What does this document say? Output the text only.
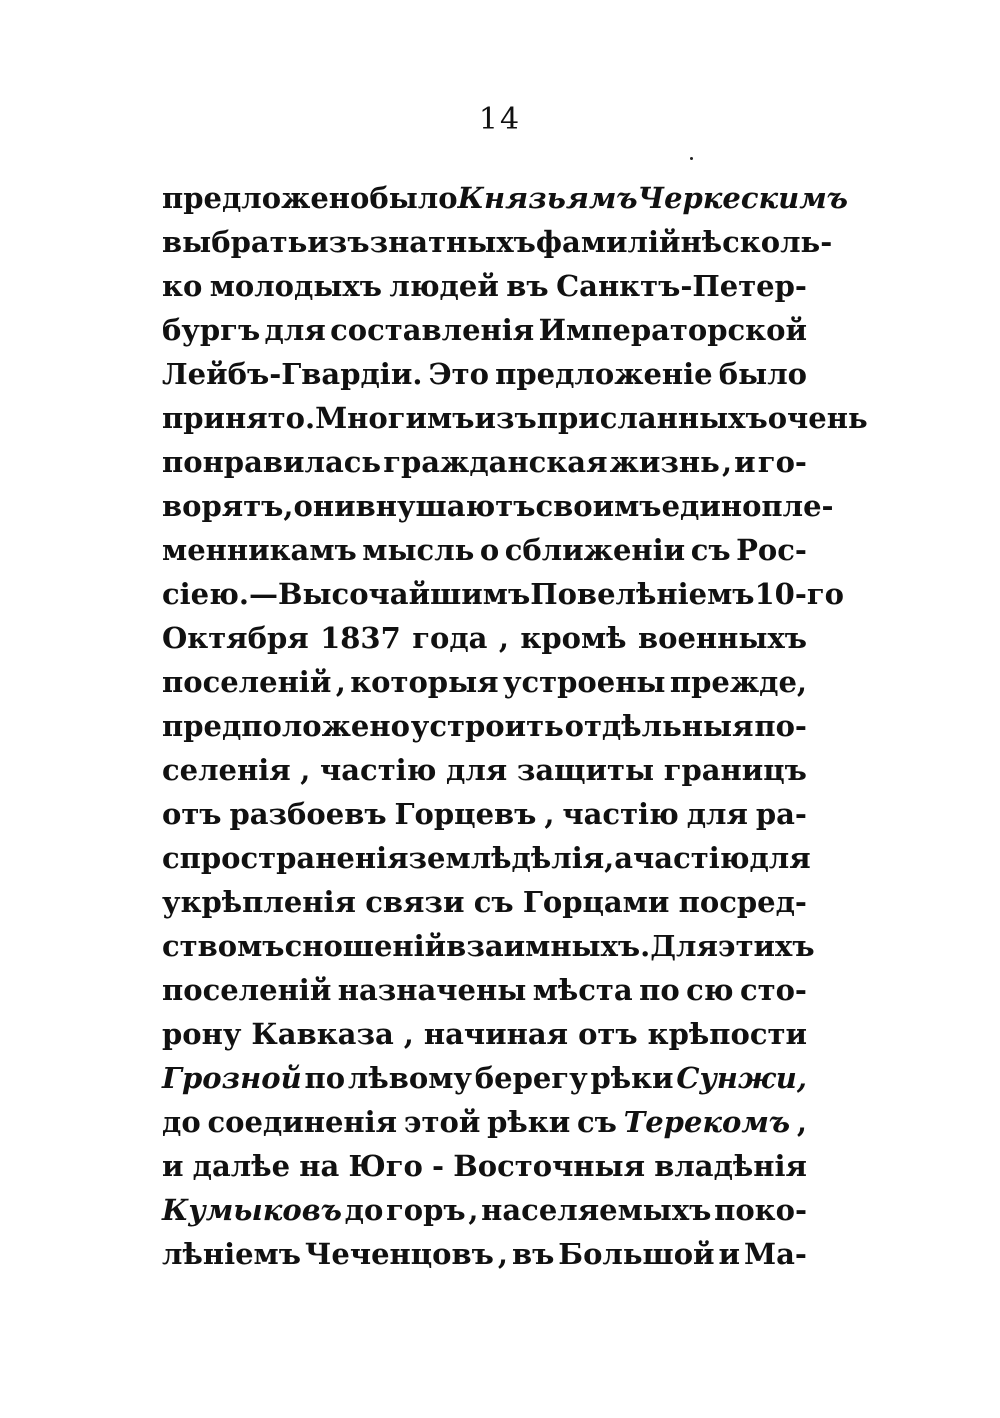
14
предложено было Князьямъ Черкескимъ
выбрать изъ знатныхъ фамилій нѣсколь-
ко молодыхъ людей въ Санктъ-Петер-
бургъ для составленія Императорской
Лейбъ-Гвардіи. Это предложеніе было
принято. Многимъ изъ присланныхъ очень
понравилась гражданская жизнь , и го-
ворятъ, они внушаютъ своимъ единопле-
менникамъ мысль о сближеніи съ Рос-
сіею. — Высочайшимъ Повелѣніемъ 10-го
Октября 1837 года , кромѣ военныхъ
поселеній , которыя устроены прежде,
предположено устроить отдѣльныя по-
селенія , частію для защиты границъ
отъ разбоевъ Горцевъ , частію для ра-
спространенія землѣдѣлія, а частію для
укрѣпленія связи съ Горцами посред-
ствомъ сношеній взаимныхъ. Для этихъ
поселеній назначены мѣста по сю сто-
рону Кавказа , начиная отъ крѣпости
Грозной по лѣвому берегу рѣки Сунжи,
до соединенія этой рѣки съ Терекомъ ,
и далѣе на Юго - Восточныя владѣнія
Кумыковъ до горъ , населяемыхъ поко-
лѣніемъ Чеченцовъ , въ Большой и Ма-
